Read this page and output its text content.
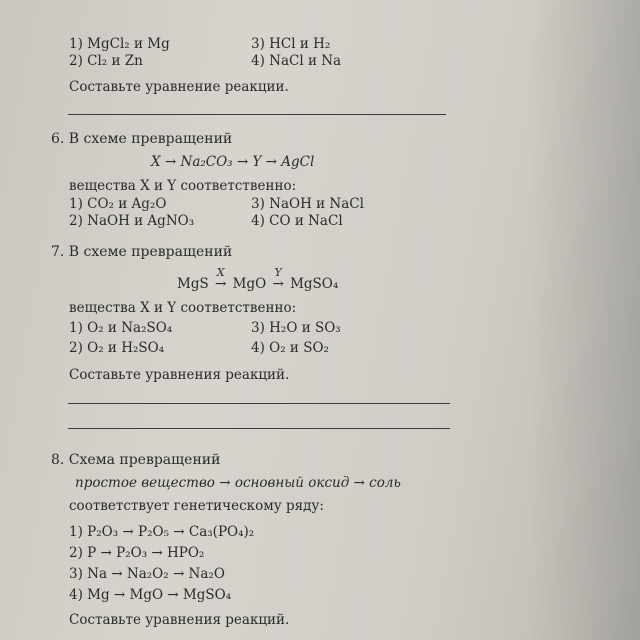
1) MgCl₂ и Mg	3) HCl и H₂
2) Cl₂ и Zn	4) NaCl и Na
Составьте уравнение реакции.
6. В схеме превращений
X → Na₂CO₃ → Y → AgCl
вещества X и Y соответственно:
1) CO₂ и Ag₂O	3) NaOH и NaCl
2) NaOH и AgNO₃	4) CO и NaCl
7. В схеме превращений
MgS
X
→ MgO
Y
→ MgSO₄
вещества X и Y соответственно:
1) O₂ и Na₂SO₄	3) H₂O и SO₃
2) O₂ и H₂SO₄	4) O₂ и SO₂
Составьте уравнения реакций.
8. Схема превращений
простое вещество → основный оксид → соль
соответствует генетическому ряду:
1) P₂O₃ → P₂O₅ → Ca₃(PO₄)₂
2) P → P₂O₃ → HPO₂
3) Na → Na₂O₂ → Na₂O
4) Mg → MgO → MgSO₄
Составьте уравнения реакций.
